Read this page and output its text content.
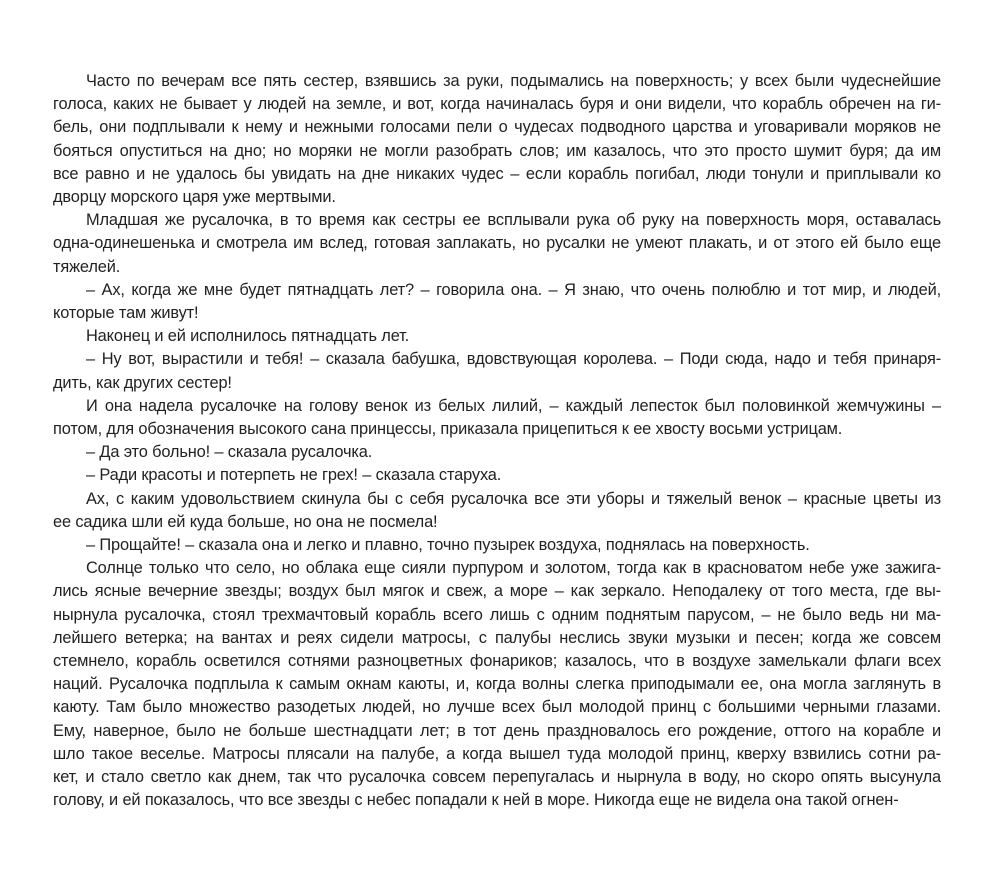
Часто по вечерам все пять сестер, взявшись за руки, подымались на поверхность; у всех были чудеснейшие
голоса, каких не бывает у людей на земле, и вот, когда начиналась буря и они видели, что корабль обречен на ги-
бель, они подплывали к нему и нежными голосами пели о чудесах подводного царства и уговаривали моряков не
бояться опуститься на дно; но моряки не могли разобрать слов; им казалось, что это просто шумит буря; да им
все равно и не удалось бы увидать на дне никаких чудес – если корабль погибал, люди тонули и приплывали ко
дворцу морского царя уже мертвыми.

Младшая же русалочка, в то время как сестры ее всплывали рука об руку на поверхность моря, оставалась
одна-одинешенька и смотрела им вслед, готовая заплакать, но русалки не умеют плакать, и от этого ей было еще
тяжелей.

– Ах, когда же мне будет пятнадцать лет? – говорила она. – Я знаю, что очень полюблю и тот мир, и людей,
которые там живут!

Наконец и ей исполнилось пятнадцать лет.

– Ну вот, вырастили и тебя! – сказала бабушка, вдовствующая королева. – Поди сюда, надо и тебя принаря-
дить, как других сестер!

И она надела русалочке на голову венок из белых лилий, – каждый лепесток был половинкой жемчужины –
потом, для обозначения высокого сана принцессы, приказала прицепиться к ее хвосту восьми устрицам.

– Да это больно! – сказала русалочка.

– Ради красоты и потерпеть не грех! – сказала старуха.

Ах, с каким удовольствием скинула бы с себя русалочка все эти уборы и тяжелый венок – красные цветы из
ее садика шли ей куда больше, но она не посмела!

– Прощайте! – сказала она и легко и плавно, точно пузырек воздуха, поднялась на поверхность.

Солнце только что село, но облака еще сияли пурпуром и золотом, тогда как в красноватом небе уже зажига-
лись ясные вечерние звезды; воздух был мягок и свеж, а море – как зеркало. Неподалеку от того места, где вы-
нырнула русалочка, стоял трехмачтовый корабль всего лишь с одним поднятым парусом, – не было ведь ни ма-
лейшего ветерка; на вантах и реях сидели матросы, с палубы неслись звуки музыки и песен; когда же совсем
стемнело, корабль осветился сотнями разноцветных фонариков; казалось, что в воздухе замелькали флаги всех
наций. Русалочка подплыла к самым окнам каюты, и, когда волны слегка приподымали ее, она могла заглянуть в
каюту. Там было множество разодетых людей, но лучше всех был молодой принц с большими черными глазами.
Ему, наверное, было не больше шестнадцати лет; в тот день праздновалось его рождение, оттого на корабле и
шло такое веселье. Матросы плясали на палубе, а когда вышел туда молодой принц, кверху взвились сотни ра-
кет, и стало светло как днем, так что русалочка совсем перепугалась и нырнула в воду, но скоро опять высунула
голову, и ей показалось, что все звезды с небес попадали к ней в море. Никогда еще не видела она такой огнен-
